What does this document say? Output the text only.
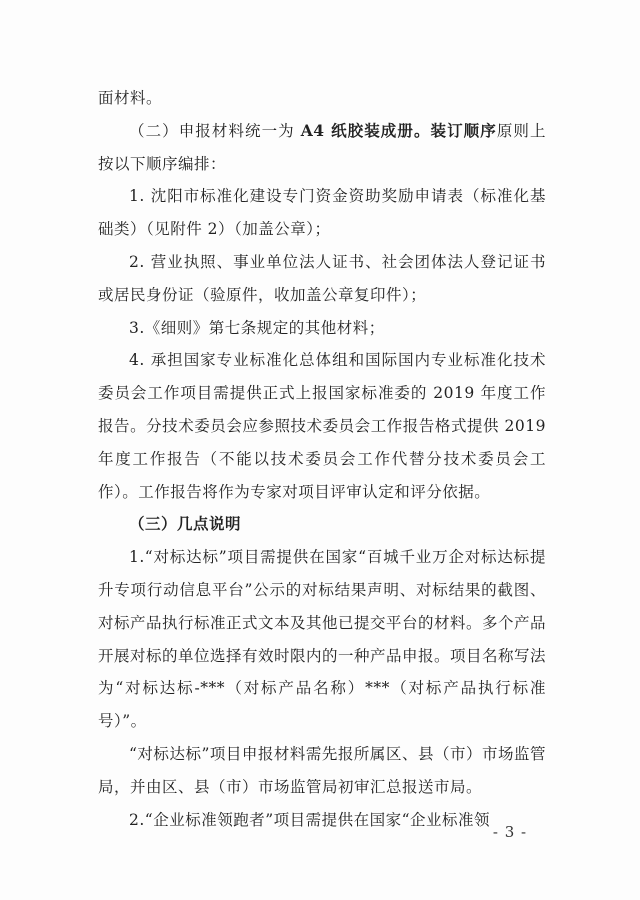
面材料。

（二）申报材料统一为 A4 纸胶装成册。装订顺序原则上按以下顺序编排：

1. 沈阳市标准化建设专门资金资助奖励申请表（标准化基础类）（见附件 2）（加盖公章）；

2. 营业执照、事业单位法人证书、社会团体法人登记证书或居民身份证（验原件，收加盖公章复印件）；

3.《细则》第七条规定的其他材料；

4. 承担国家专业标准化总体组和国际国内专业标准化技术委员会工作项目需提供正式上报国家标准委的 2019 年度工作报告。分技术委员会应参照技术委员会工作报告格式提供 2019 年度工作报告（不能以技术委员会工作代替分技术委员会工作）。工作报告将作为专家对项目评审认定和评分依据。

（三）几点说明

1.“对标达标”项目需提供在国家“百城千业万企对标达标提升专项行动信息平台”公示的对标结果声明、对标结果的截图、对标产品执行标准正式文本及其他已提交平台的材料。多个产品开展对标的单位选择有效时限内的一种产品申报。项目名称写法为“对标达标-***（对标产品名称）***（对标产品执行标准号）”。

“对标达标”项目申报材料需先报所属区、县（市）市场监管局，并由区、县（市）市场监管局初审汇总报送市局。

2.“企业标准领跑者”项目需提供在国家“企业标准领

- 3 -
